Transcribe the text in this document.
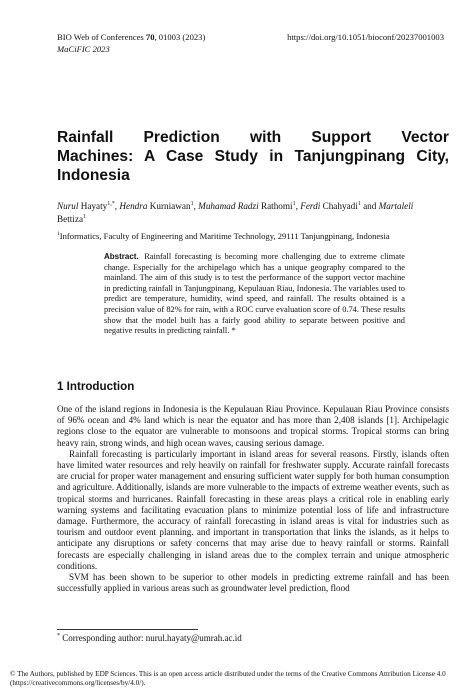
BIO Web of Conferences 70, 01003 (2023)
MaCiFIC 2023
https://doi.org/10.1051/bioconf/20237001003
Rainfall Prediction with Support Vector
Machines: A Case Study in Tanjungpinang City,
Indonesia
Nurul Hayaty$^{1,*}$, Hendra Kurniawan$^1$, Muhamad Radzi Rathomi$^1$, Ferdi Chahyadi$^1$ and Martaleli Bettiza$^1$
$^1$Informatics, Faculty of Engineering and Maritime Technology, 29111 Tanjungpinang, Indonesia
Abstract. Rainfall forecasting is becoming more challenging due to extreme climate change. Especially for the archipelago which has a unique geography compared to the mainland. The aim of this study is to test the performance of the support vector machine in predicting rainfall in Tanjungpinang, Kepulauan Riau, Indonesia. The variables used to predict are temperature, humidity, wind speed, and rainfall. The results obtained is a precision value of 82% for rain, with a ROC curve evaluation score of 0.74. These results show that the model built has a fairly good ability to separate between positive and negative results in predicting rainfall. *
1 Introduction

One of the island regions in Indonesia is the Kepulauan Riau Province. Kepulauan Riau Province consists of 96% ocean and 4% land which is near the equator and has more than 2,408 islands [1]. Archipelagic regions close to the equator are vulnerable to monsoons and tropical storms. Tropical storms can bring heavy rain, strong winds, and high ocean waves, causing serious damage.

Rainfall forecasting is particularly important in island areas for several reasons. Firstly, islands often have limited water resources and rely heavily on rainfall for freshwater supply. Accurate rainfall forecasts are crucial for proper water management and ensuring sufficient water supply for both human consumption and agriculture. Additionally, islands are more vulnerable to the impacts of extreme weather events, such as tropical storms and hurricanes. Rainfall forecasting in these areas plays a critical role in enabling early warning systems and facilitating evacuation plans to minimize potential loss of life and infrastructure damage. Furthermore, the accuracy of rainfall forecasting in island areas is vital for industries such as tourism and outdoor event planning. and important in transportation that links the islands, as it helps to anticipate any disruptions or safety concerns that may arise due to heavy rainfall or storms. Rainfall forecasts are especially challenging in island areas due to the complex terrain and unique atmospheric conditions.

SVM has been shown to be superior to other models in predicting extreme rainfall and has been successfully applied in various areas such as groundwater level prediction, flood

* Corresponding author: nurul.hayaty@umrah.ac.id
© The Authors, published by EDP Sciences. This is an open access article distributed under the terms of the Creative Commons Attribution License 4.0 (https://creativecommons.org/licenses/by/4.0/).
